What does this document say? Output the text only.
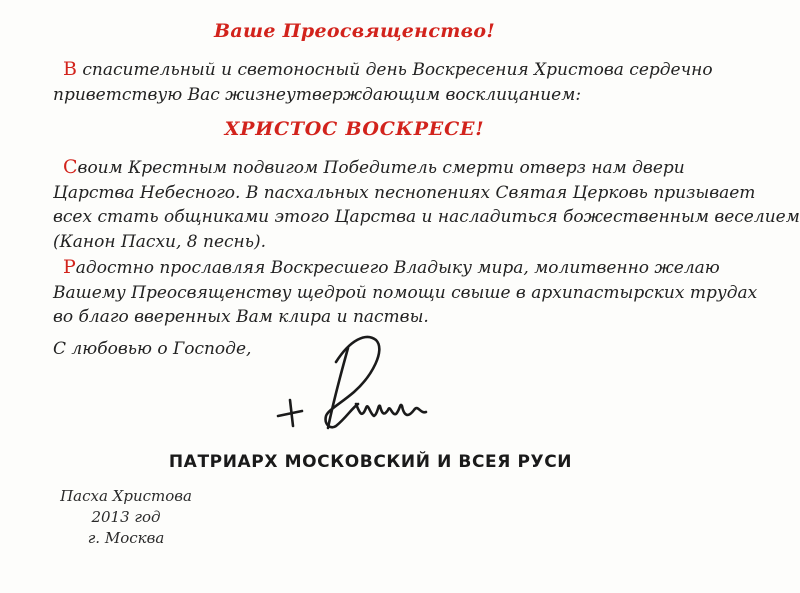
Ваше Преосвященство!
В спасительный и светоносный день Воскресения Христова сердечно
приветствую Вас жизнеутверждающим восклицанием:
ХРИСТОС ВОСКРЕСЕ!
Своим Крестным подвигом Победитель смерти отверз нам двери
Царства Небесного. В пасхальных песнопениях Святая Церковь призывает
всех стать общниками этого Царства и насладиться божественным веселием
(Канон Пасхи, 8 песнь).
Радостно прославляя Воскресшего Владыку мира, молитвенно желаю
Вашему Преосвященству щедрой помощи свыше в архипастырских трудах
во благо вверенных Вам клира и паствы.
С любовью о Господе,
ПАТРИАРХ МОСКОВСКИЙ И ВСЕЯ РУСИ
Пасха Христова
2013 год
г. Москва
